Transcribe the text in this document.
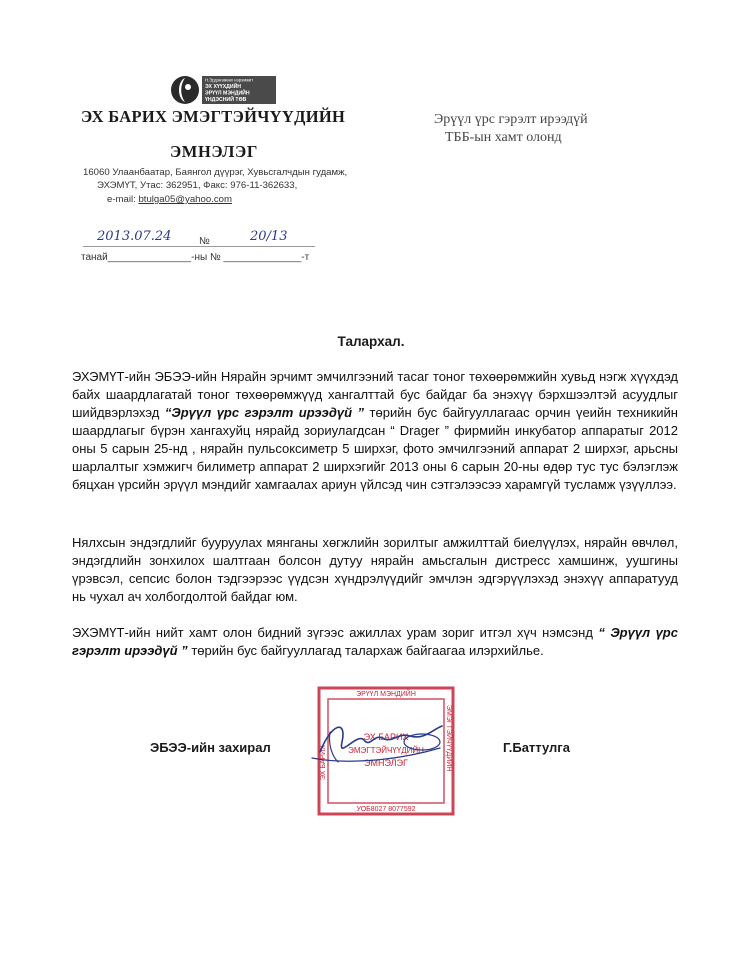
Н.Эрдэнэмөнх нэрэмжит
ЭХ ХҮҮХДИЙН
ЭРҮҮЛ МЭНДИЙН
ҮНДЭСНИЙ ТӨВ
ЭХ БАРИХ ЭМЭГТЭЙЧҮҮДИЙН
ЭМНЭЛЭГ
16060 Улаанбаатар, Баянгол дүүрэг, Хувьсгалчдын гудамж,
ЭХЭМҮТ, Утас: 362951, Факс: 976-11-362633,
e-mail: btulga05@yahoo.com
Эрүүл үрс гэрэлт ирээдүй
ТББ-ын хамт олонд
2013.07.24	№	20/13
танай_______________-ны № ______________-т
Талархал.
ЭХЭМҮТ-ийн ЭБЭЭ-ийн Нярайн эрчимт эмчилгээний тасаг тоног төхөөрөмжийн хувьд нэгж хүүхдэд байх шаардлагатай тоног төхөөрөмжүүд хангалттай бус байдаг ба энэхүү бэрхшээлтэй асуудлыг шийдвэрлэхэд “Эрүүл үрс гэрэлт ирээдүй ” төрийн бус байгууллагаас орчин үеийн техникийн шаардлагыг бүрэн хангахуйц нярайд зориулагдсан “ Drager ” фирмийн инкубатор аппаратыг 2012 оны 5 сарын 25-нд , нярайн пульсоксиметр 5 ширхэг, фото эмчилгээний аппарат 2 ширхэг, арьсны шарлалтыг хэмжигч билиметр аппарат 2 ширхэгийг 2013 оны 6 сарын 20-ны өдөр тус тус бэлэглэж бяцхан үрсийн эрүүл мэндийг хамгаалах ариун үйлсэд чин сэтгэлээсээ харамгүй тусламж үзүүллээ.
Нялхсын эндэгдлийг бууруулах мянганы хөгжлийн зорилтыг амжилттай биелүүлэх, нярайн өвчлөл, эндэгдлийн зонхилох шалтгаан болсон дутуу нярайн амьсгалын дистресс хамшинж, уушгины үрэвсэл, сепсис болон тэдгээрээс үүдсэн хүндрэлүүдийг эмчлэн эдгэрүүлэхэд энэхүү аппаратууд нь чухал ач холбогдолтой байдаг юм.
ЭХЭМҮТ-ийн нийт хамт олон бидний зүгээс ажиллах урам зориг итгэл хүч нэмсэнд “ Эрүүл үрс гэрэлт ирээдүй ” төрийн бус байгууллагад талархаж байгаагаа илэрхийлье.
ЭБЭЭ-ийн захирал	Г.Баттулга
ЭРҮҮЛ МЭНДИЙН
ЭХ БАРИХ	ЭМЭГТЭЙЧҮҮДИЙН
ЭХ БАРИХ
ЭМЭГТЭЙЧҮҮДИЙН
ЭМНЭЛЭГ
УОБ8027 8077592
